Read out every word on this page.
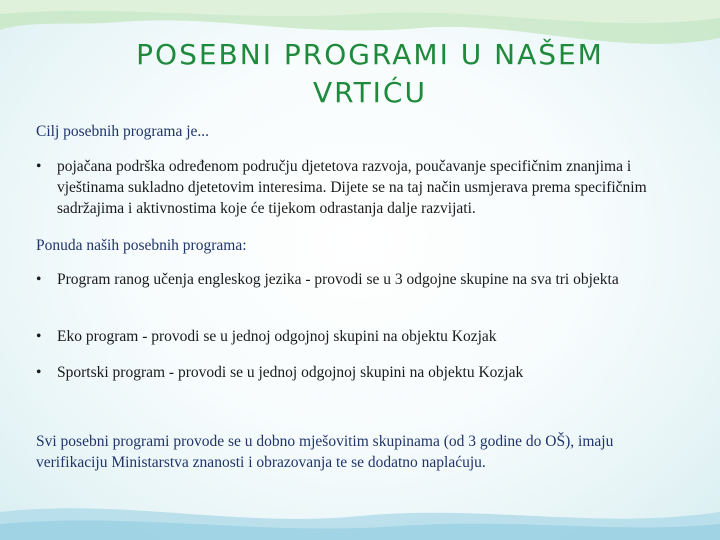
POSEBNI PROGRAMI U NAŠEM
VRTIĆU
Cilj posebnih programa je...
• pojačana podrška određenom području djetetova razvoja, poučavanje specifičnim znanjima i vještinama sukladno djetetovim interesima. Dijete se na taj način usmjerava prema specifičnim sadržajima i aktivnostima koje će tijekom odrastanja dalje razvijati.
Ponuda naših posebnih programa:
• Program ranog učenja engleskog jezika - provodi se u 3 odgojne skupine na sva tri objekta
• Eko program - provodi se u jednoj odgojnoj skupini na objektu Kozjak
• Sportski program - provodi se u jednoj odgojnoj skupini na objektu Kozjak
Svi posebni programi provode se u dobno mješovitim skupinama (od 3 godine do OŠ), imaju verifikaciju Ministarstva znanosti i obrazovanja te se dodatno naplaćuju.
